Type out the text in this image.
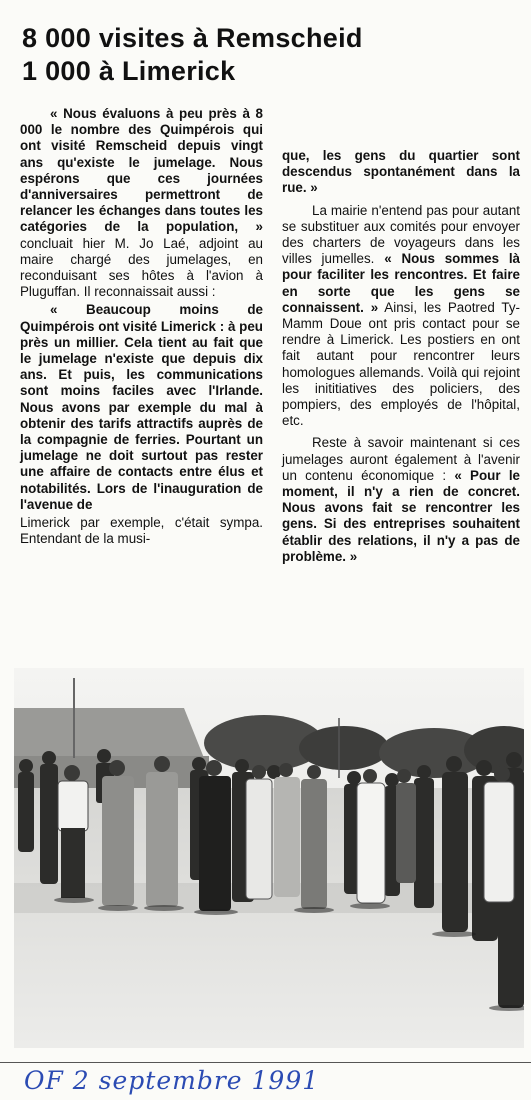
8 000 visites à Remscheid
1 000 à Limerick

« Nous évaluons à peu près à 8 000 le nombre des Quimpérois qui ont visité Remscheid depuis vingt ans qu'existe le jumelage. Nous espérons que ces journées d'anniversaires permettront de relancer les échanges dans toutes les catégories de la population, » concluait hier M. Jo Laé, adjoint au maire chargé des jumelages, en reconduisant ses hôtes à l'avion à Pluguffan. Il reconnaissait aussi :

« Beaucoup moins de Quimpérois ont visité Limerick : à peu près un millier. Cela tient au fait que le jumelage n'existe que depuis dix ans. Et puis, les communications sont moins faciles avec l'Irlande. Nous avons par exemple du mal à obtenir des tarifs attractifs auprès de la compagnie de ferries. Pourtant un jumelage ne doit surtout pas rester une affaire de contacts entre élus et notabilités. Lors de l'inauguration de l'avenue de

Limerick par exemple, c'était sympa. Entendant de la musi-

que, les gens du quartier sont descendus spontanément dans la rue. »

La mairie n'entend pas pour autant se substituer aux comités pour envoyer des charters de voyageurs dans les villes jumelles. « Nous sommes là pour faciliter les rencontres. Et faire en sorte que les gens se connaissent. » Ainsi, les Paotred Ty-Mamm Doue ont pris contact pour se rendre à Limerick. Les postiers en ont fait autant pour rencontrer leurs homologues allemands. Voilà qui rejoint les inititiatives des policiers, des pompiers, des employés de l'hôpital, etc.

Reste à savoir maintenant si ces jumelages auront également à l'avenir un contenu économique : « Pour le moment, il n'y a rien de concret. Nous avons fait se rencontrer les gens. Si des entreprises souhaitent établir des relations, il n'y a pas de problème. »

OF 2 septembre 1991
